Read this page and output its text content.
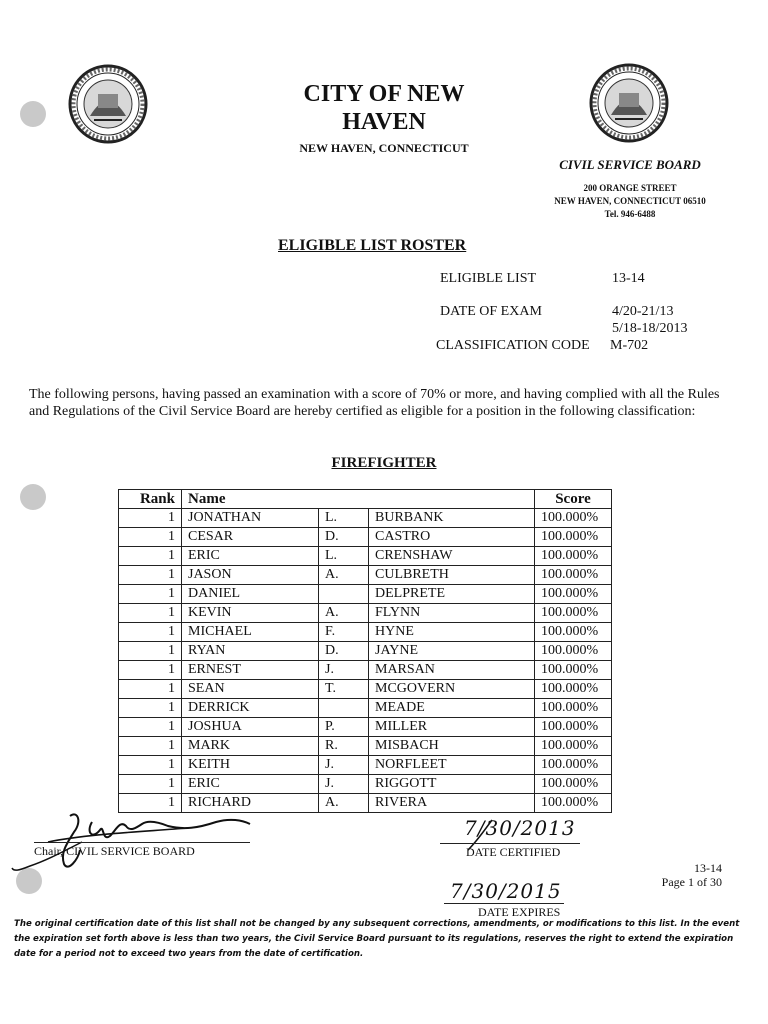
CITY OF NEW
HAVEN
NEW HAVEN, CONNECTICUT
CIVIL SERVICE BOARD
200 ORANGE STREET
NEW HAVEN, CONNECTICUT 06510
Tel. 946-6488
ELIGIBLE LIST ROSTER
ELIGIBLE LIST	13-14
DATE OF EXAM	4/20-21/13
5/18-18/2013
CLASSIFICATION CODE M-702
The following persons, having passed an examination with a score of 70% or more, and having complied with all the Rules and Regulations of the Civil Service Board are hereby certified as eligible for a position in the following classification:
FIREFIGHTER
Rank	Name			Score
1	JONATHAN	L.	BURBANK	100.000%
1	CESAR	D.	CASTRO	100.000%
1	ERIC	L.	CRENSHAW	100.000%
1	JASON	A.	CULBRETH	100.000%
1	DANIEL		DELPRETE	100.000%
1	KEVIN	A.	FLYNN	100.000%
1	MICHAEL	F.	HYNE	100.000%
1	RYAN	D.	JAYNE	100.000%
1	ERNEST	J.	MARSAN	100.000%
1	SEAN	T.	MCGOVERN	100.000%
1	DERRICK		MEADE	100.000%
1	JOSHUA	P.	MILLER	100.000%
1	MARK	R.	MISBACH	100.000%
1	KEITH	J.	NORFLEET	100.000%
1	ERIC	J.	RIGGOTT	100.000%
1	RICHARD	A.	RIVERA	100.000%
Chair, CIVIL SERVICE BOARD
7/30/2013
DATE CERTIFIED
13-14
Page 1 of 30
7/30/2015
DATE EXPIRES
The original certification date of this list shall not be changed by any subsequent corrections, amendments, or modifications to this list. In the event the expiration set forth above is less than two years, the Civil Service Board pursuant to its regulations, reserves the right to extend the expiration date for a period not to exceed two years from the date of certification.
